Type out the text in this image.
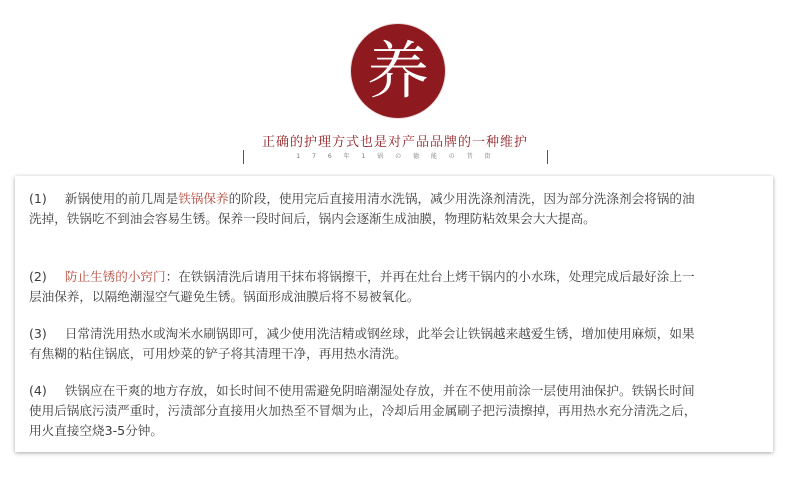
养
正确的护理方式也是对产品品牌的一种维护
1 7 6 年 1 锅 の 德 能 の 昔 街
(1) 新锅使用的前几周是铁锅保养的阶段，使用完后直接用清水洗锅，减少用洗涤剂清洗，因为部分洗涤剂会将锅的油洗掉，铁锅吃不到油会容易生锈。保养一段时间后，锅内会逐渐生成油膜，物理防粘效果会大大提高。
(2) 防止生锈的小窍门：在铁锅清洗后请用干抹布将锅擦干，并再在灶台上烤干锅内的小水珠，处理完成后最好涂上一层油保养，以隔绝潮湿空气避免生锈。锅面形成油膜后将不易被氧化。
(3) 日常清洗用热水或淘米水刷锅即可，减少使用洗洁精或钢丝球，此举会让铁锅越来越爱生锈，增加使用麻烦，如果有焦糊的粘住锅底，可用炒菜的铲子将其清理干净，再用热水清洗。
(4) 铁锅应在干爽的地方存放，如长时间不使用需避免阴暗潮湿处存放，并在不使用前涂一层使用油保护。铁锅长时间使用后锅底污渍严重时，污渍部分直接用火加热至不冒烟为止，冷却后用金属刷子把污渍擦掉，再用热水充分清洗之后，用火直接空烧3-5分钟。
